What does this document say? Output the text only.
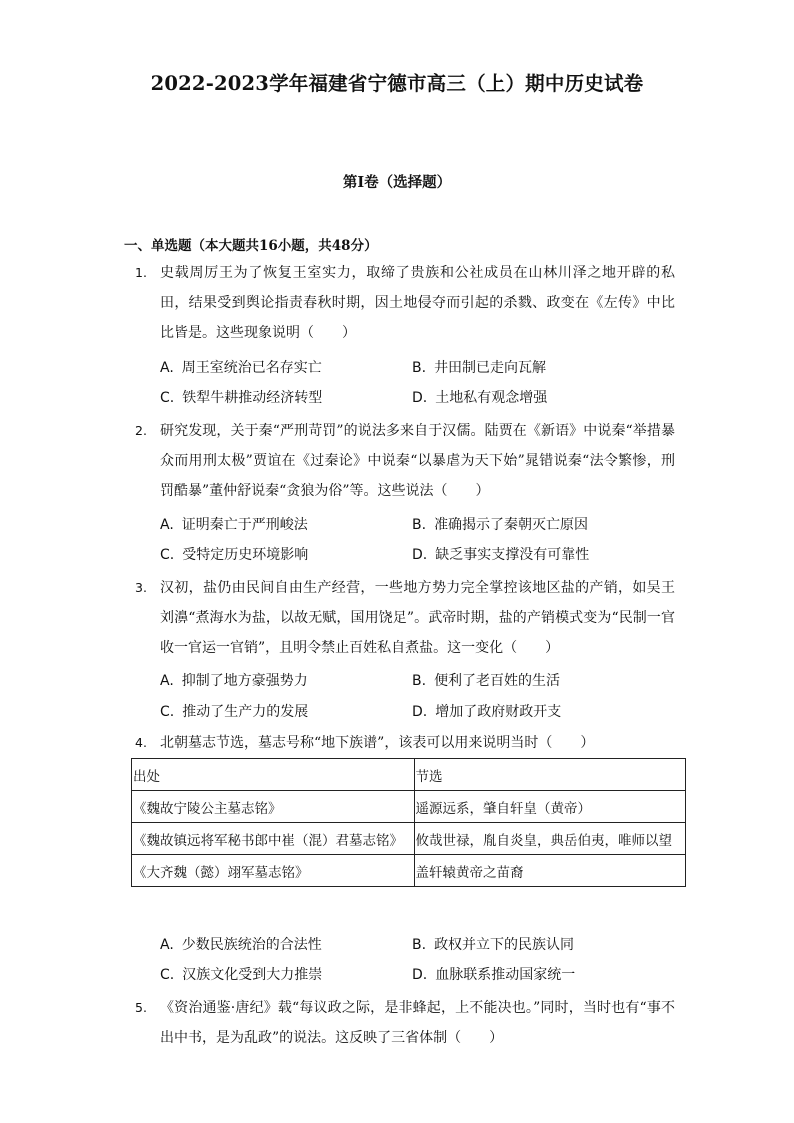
2022-2023学年福建省宁德市高三（上）期中历史试卷
第I卷（选择题）
一、单选题（本大题共16小题，共48分）
1. 史载周厉王为了恢复王室实力，取缔了贵族和公社成员在山林川泽之地开辟的私田，结果受到舆论指责春秋时期，因土地侵夺而引起的杀戮、政变在《左传》中比比皆是。这些现象说明（　　）
A. 周王室统治已名存实亡	B. 井田制已走向瓦解
C. 铁犁牛耕推动经济转型	D. 土地私有观念增强
2. 研究发现，关于秦“严刑苛罚”的说法多来自于汉儒。陆贾在《新语》中说秦“举措暴众而用刑太极”贾谊在《过秦论》中说秦“以暴虐为天下始”晁错说秦“法令繁惨，刑罚酷暴”董仲舒说秦“贪狼为俗”等。这些说法（　　）
A. 证明秦亡于严刑峻法	B. 准确揭示了秦朝灭亡原因
C. 受特定历史环境影响	D. 缺乏事实支撑没有可靠性
3. 汉初，盐仍由民间自由生产经营，一些地方势力完全掌控该地区盐的产销，如吴王刘濞“煮海水为盐，以故无赋，国用饶足”。武帝时期，盐的产销模式变为“民制一官收一官运一官销”，且明令禁止百姓私自煮盐。这一变化（　　）
A. 抑制了地方豪强势力	B. 便利了老百姓的生活
C. 推动了生产力的发展	D. 增加了政府财政开支
4. 北朝墓志节选，墓志号称“地下族谱”，该表可以用来说明当时（　　）
出处	节选
《魏故宁陵公主墓志铭》	遥源远系，肇自轩皇（黄帝）
《魏故镇远将军秘书郎中崔（混）君墓志铭》	攸哉世禄，胤自炎皇，典岳伯夷，唯师以望
《大齐魏（懿）翊军墓志铭》	盖轩辕黄帝之苗裔
A. 少数民族统治的合法性	B. 政权并立下的民族认同
C. 汉族文化受到大力推崇	D. 血脉联系推动国家统一
5. 《资治通鉴·唐纪》载“每议政之际，是非蜂起，上不能决也。”同时，当时也有“事不出中书，是为乱政”的说法。这反映了三省体制（　　）
